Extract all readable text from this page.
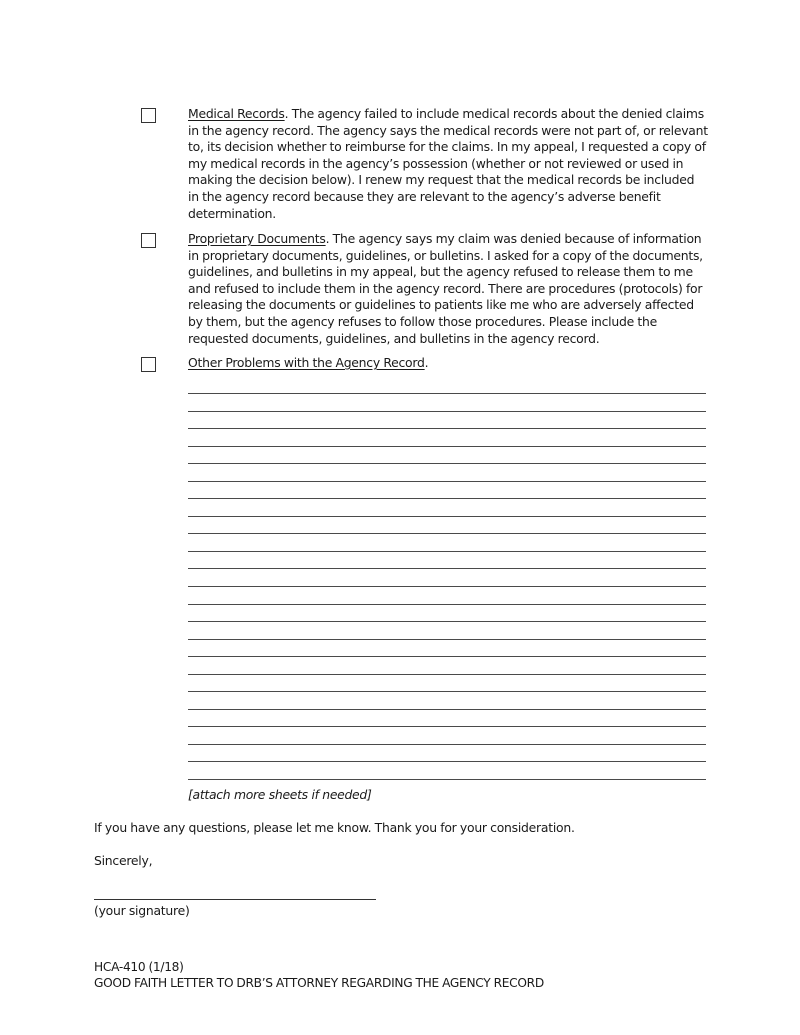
Medical Records. The agency failed to include medical records about the denied claims in the agency record. The agency says the medical records were not part of, or relevant to, its decision whether to reimburse for the claims. In my appeal, I requested a copy of my medical records in the agency’s possession (whether or not reviewed or used in making the decision below). I renew my request that the medical records be included in the agency record because they are relevant to the agency’s adverse benefit determination.
Proprietary Documents. The agency says my claim was denied because of information in proprietary documents, guidelines, or bulletins. I asked for a copy of the documents, guidelines, and bulletins in my appeal, but the agency refused to release them to me and refused to include them in the agency record. There are procedures (protocols) for releasing the documents or guidelines to patients like me who are adversely affected by them, but the agency refuses to follow those procedures. Please include the requested documents, guidelines, and bulletins in the agency record.
Other Problems with the Agency Record.
[attach more sheets if needed]
If you have any questions, please let me know. Thank you for your consideration.
Sincerely,
(your signature)
HCA-410 (1/18)
GOOD FAITH LETTER TO DRB’S ATTORNEY REGARDING THE AGENCY RECORD
